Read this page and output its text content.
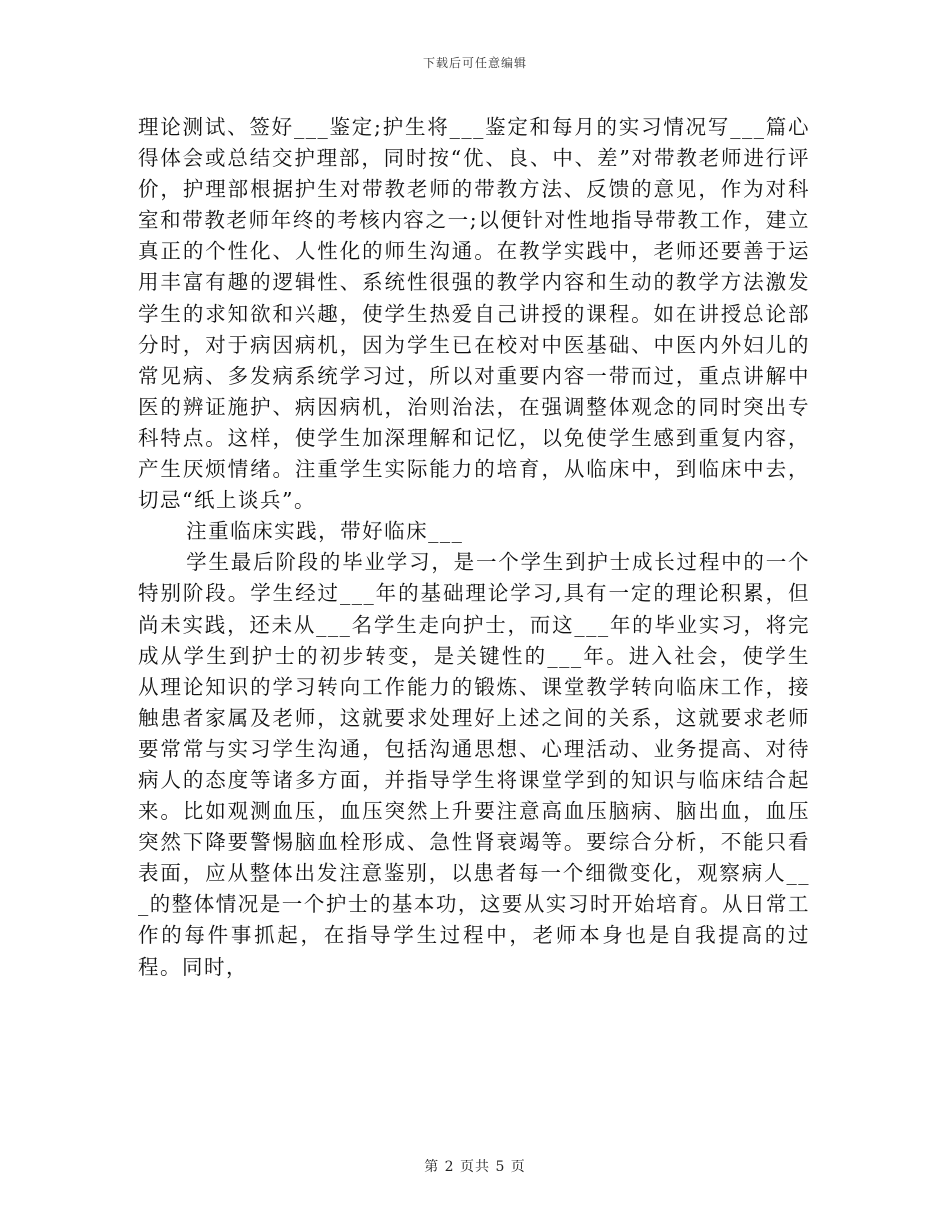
下载后可任意编辑

理论测试、签好___鉴定;护生将___鉴定和每月的实习情况写___篇心得体会或总结交护理部，同时按“优、良、中、差”对带教老师进行评价，护理部根据护生对带教老师的带教方法、反馈的意见，作为对科室和带教老师年终的考核内容之一;以便针对性地指导带教工作，建立真正的个性化、人性化的师生沟通。在教学实践中，老师还要善于运用丰富有趣的逻辑性、系统性很强的教学内容和生动的教学方法激发学生的求知欲和兴趣，使学生热爱自己讲授的课程。如在讲授总论部分时，对于病因病机，因为学生已在校对中医基础、中医内外妇儿的常见病、多发病系统学习过，所以对重要内容一带而过，重点讲解中医的辨证施护、病因病机，治则治法，在强调整体观念的同时突出专科特点。这样，使学生加深理解和记忆，以免使学生感到重复内容，产生厌烦情绪。注重学生实际能力的培育，从临床中，到临床中去，切忌“纸上谈兵”。

注重临床实践，带好临床___

学生最后阶段的毕业学习，是一个学生到护士成长过程中的一个特别阶段。学生经过___年的基础理论学习,具有一定的理论积累，但尚未实践，还未从___名学生走向护士，而这___年的毕业实习，将完成从学生到护士的初步转变，是关键性的___年。进入社会，使学生从理论知识的学习转向工作能力的锻炼、课堂教学转向临床工作，接触患者家属及老师，这就要求处理好上述之间的关系，这就要求老师要常常与实习学生沟通，包括沟通思想、心理活动、业务提高、对待病人的态度等诸多方面，并指导学生将课堂学到的知识与临床结合起来。比如观测血压，血压突然上升要注意高血压脑病、脑出血，血压突然下降要警惕脑血栓形成、急性肾衰竭等。要综合分析，不能只看表面，应从整体出发注意鉴别，以患者每一个细微变化，观察病人___的整体情况是一个护士的基本功，这要从实习时开始培育。从日常工作的每件事抓起，在指导学生过程中，老师本身也是自我提高的过程。同时，

第 2 页共 5 页
